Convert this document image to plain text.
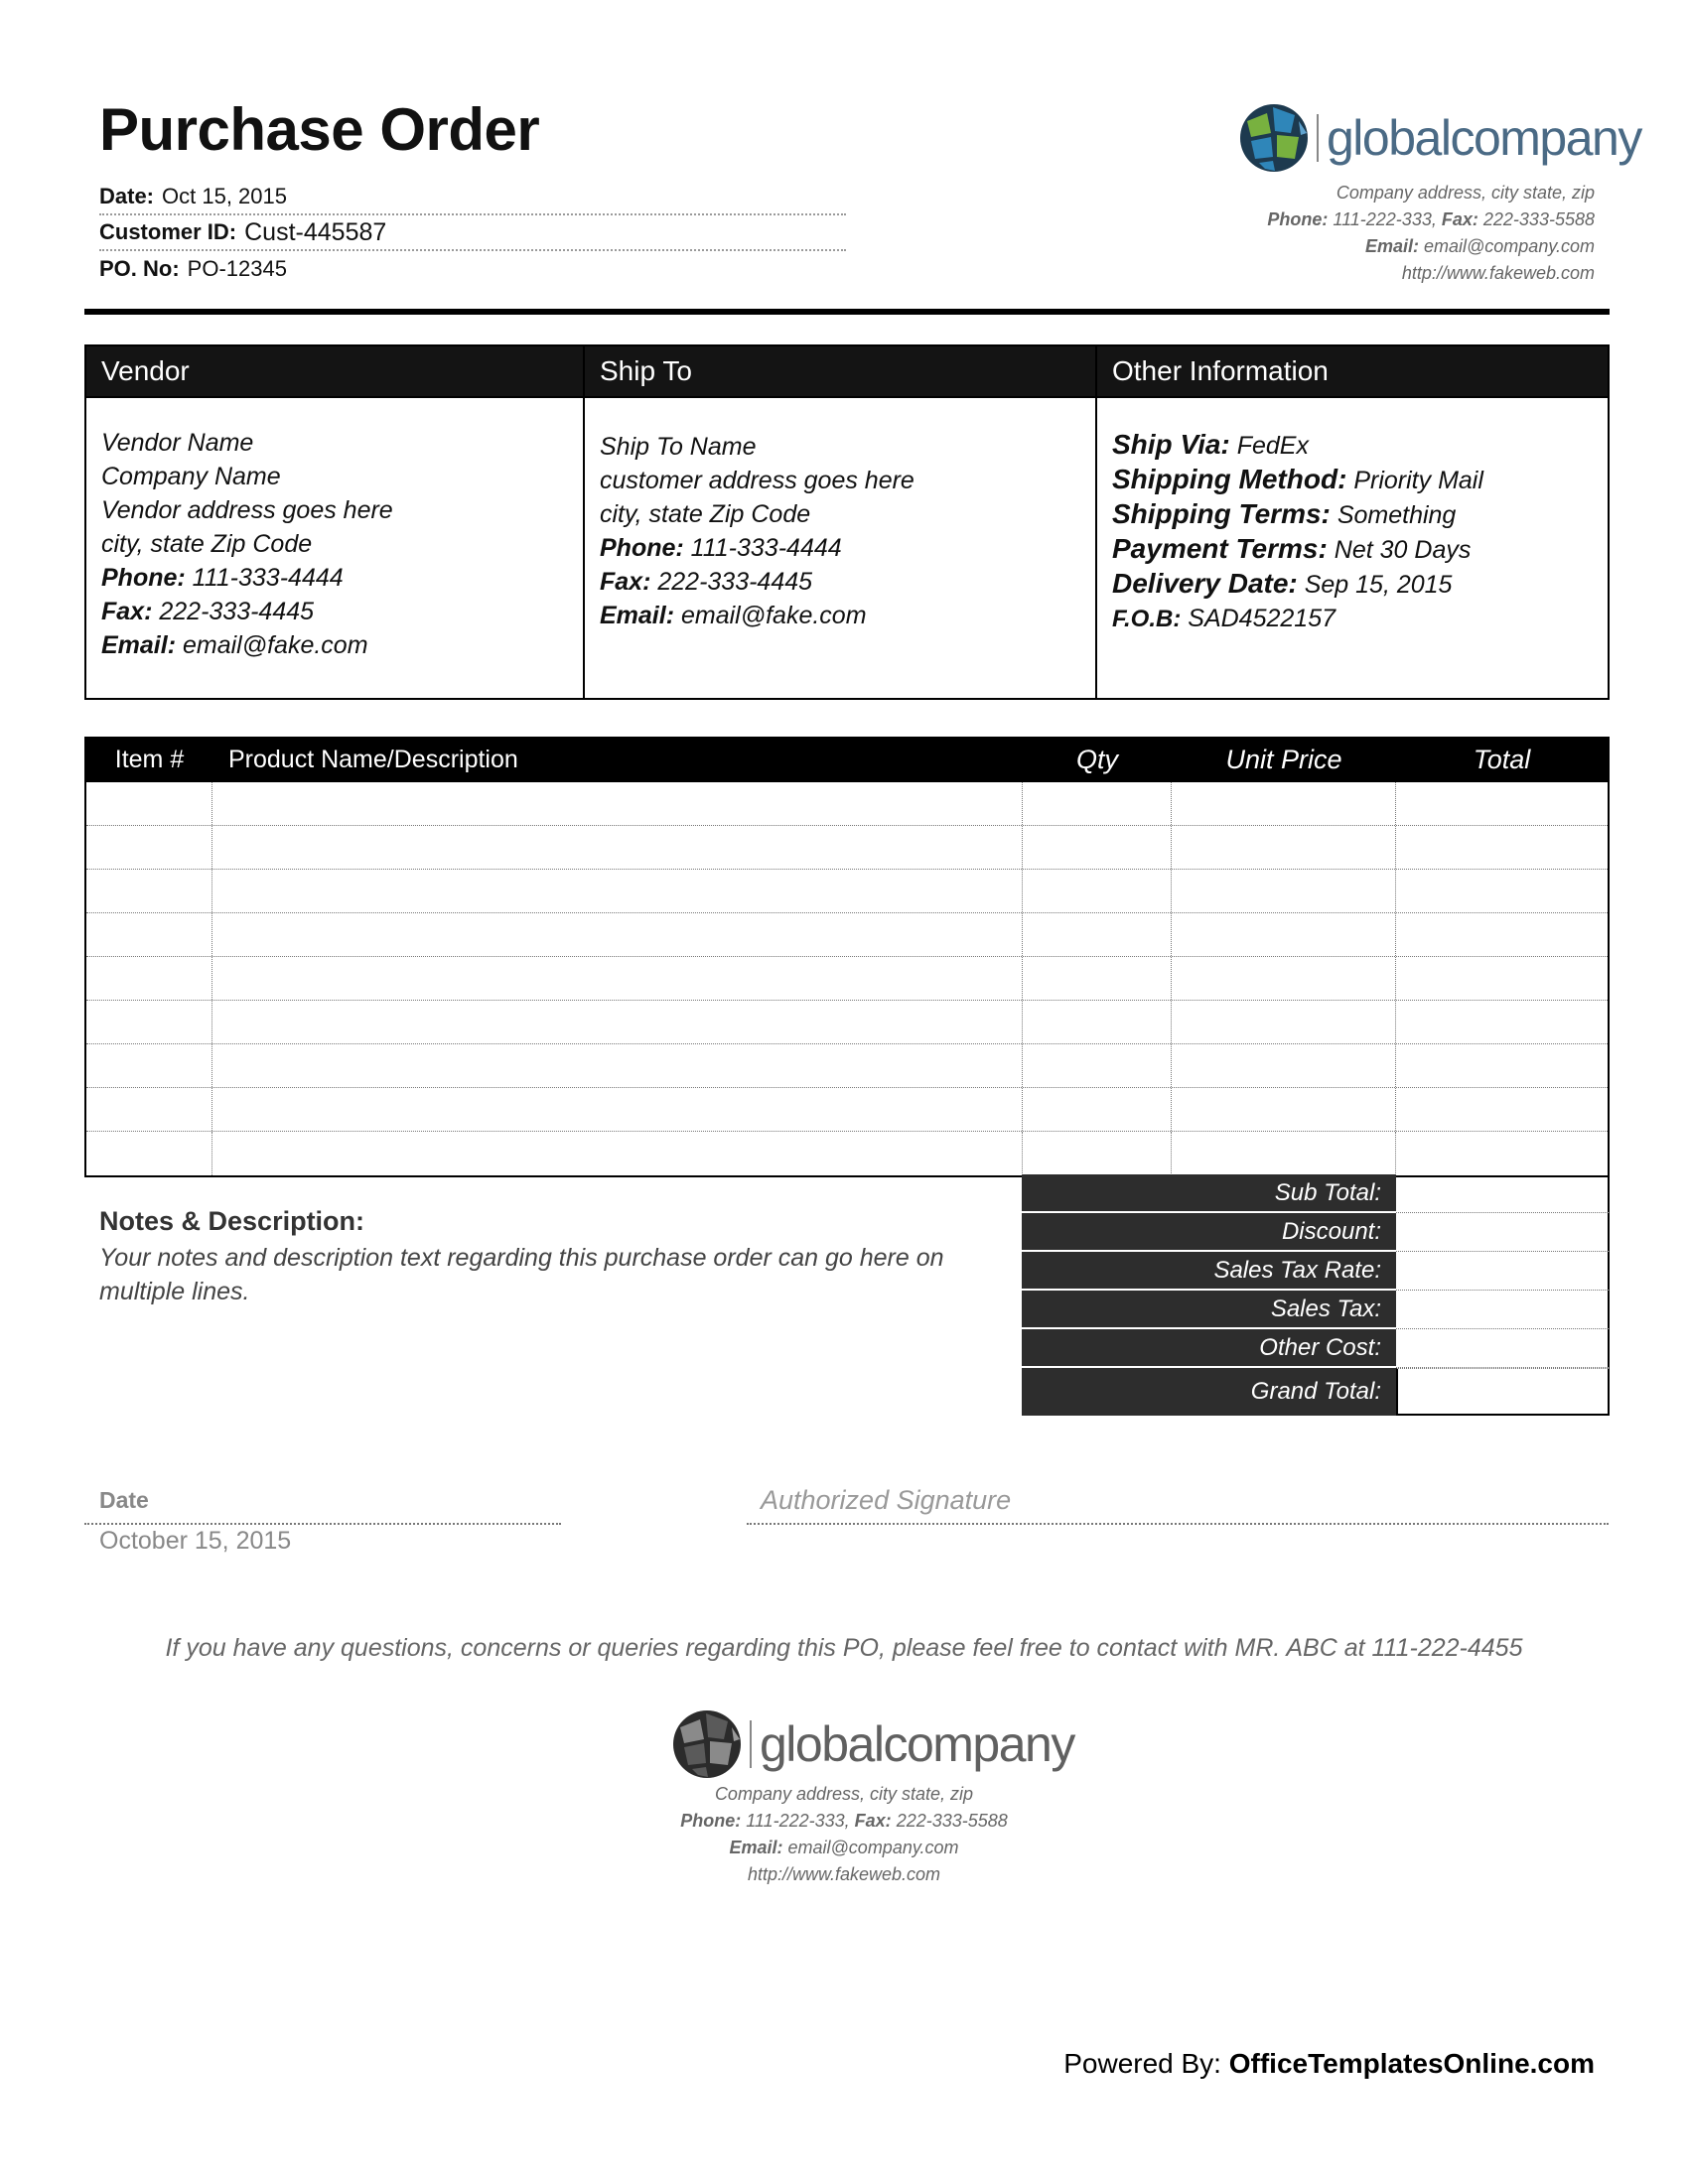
Purchase Order
Date: Oct 15, 2015
Customer ID: Cust-445587
PO. No: PO-12345
globalcompany
Company address, city state, zip
Phone: 111-222-333, Fax: 222-333-5588
Email: email@company.com
http://www.fakeweb.com
Vendor
Vendor Name
Company Name
Vendor address goes here
city, state Zip Code
Phone: 111-333-4444
Fax: 222-333-4445
Email: email@fake.com
Ship To
Ship To Name
customer address goes here
city, state Zip Code
Phone: 111-333-4444
Fax: 222-333-4445
Email: email@fake.com
Other Information
Ship Via: FedEx
Shipping Method: Priority Mail
Shipping Terms: Something
Payment Terms: Net 30 Days
Delivery Date: Sep 15, 2015
F.O.B: SAD4522157
Item #	Product Name/Description	Qty	Unit Price	Total
Notes & Description:
Your notes and description text regarding this purchase order can go here on multiple lines.
Sub Total:
Discount:
Sales Tax Rate:
Sales Tax:
Other Cost:
Grand Total:
Date
October 15, 2015
Authorized Signature
If you have any questions, concerns or queries regarding this PO, please feel free to contact with MR. ABC at 111-222-4455
globalcompany
Company address, city state, zip
Phone: 111-222-333, Fax: 222-333-5588
Email: email@company.com
http://www.fakeweb.com
Powered By: OfficeTemplatesOnline.com
